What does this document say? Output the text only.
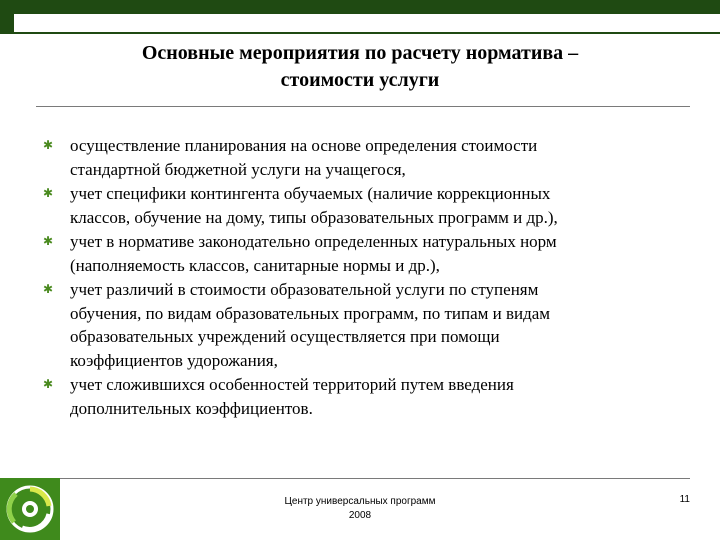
Основные мероприятия по расчету норматива –
стоимости услуги
✱ осуществление планирования на основе определения стоимости
стандартной бюджетной услуги на учащегося,
✱ учет специфики контингента обучаемых (наличие коррекционных
классов, обучение на дому, типы образовательных программ и др.),
✱ учет в нормативе законодательно определенных натуральных норм
(наполняемость классов, санитарные нормы и др.),
✱ учет различий в стоимости образовательной услуги по ступеням
обучения, по видам образовательных программ, по типам и видам
образовательных учреждений осуществляется при помощи
коэффициентов удорожания,
✱ учет сложившихся особенностей территорий путем введения
дополнительных коэффициентов.
Центр универсальных программ
2008
11
